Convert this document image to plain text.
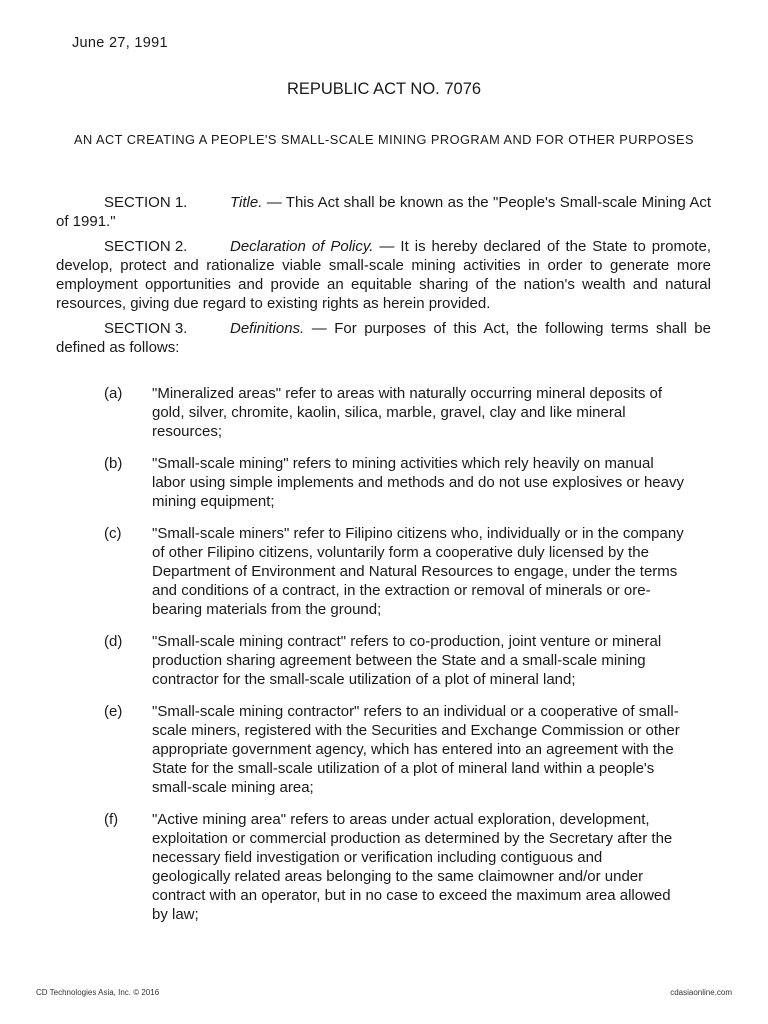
June 27, 1991
REPUBLIC ACT NO. 7076
AN ACT CREATING A PEOPLE'S SMALL-SCALE MINING PROGRAM AND FOR OTHER PURPOSES

SECTION 1.	Title. — This Act shall be known as the "People's Small-scale Mining Act of 1991."

SECTION 2.	Declaration of Policy. — It is hereby declared of the State to promote, develop, protect and rationalize viable small-scale mining activities in order to generate more employment opportunities and provide an equitable sharing of the nation's wealth and natural resources, giving due regard to existing rights as herein provided.

SECTION 3.	Definitions. — For purposes of this Act, the following terms shall be defined as follows:

(a) "Mineralized areas" refer to areas with naturally occurring mineral deposits of gold, silver, chromite, kaolin, silica, marble, gravel, clay and like mineral resources;
(b) "Small-scale mining" refers to mining activities which rely heavily on manual labor using simple implements and methods and do not use explosives or heavy mining equipment;
(c) "Small-scale miners" refer to Filipino citizens who, individually or in the company of other Filipino citizens, voluntarily form a cooperative duly licensed by the Department of Environment and Natural Resources to engage, under the terms and conditions of a contract, in the extraction or removal of minerals or ore-bearing materials from the ground;
(d) "Small-scale mining contract" refers to co-production, joint venture or mineral production sharing agreement between the State and a small-scale mining contractor for the small-scale utilization of a plot of mineral land;
(e) "Small-scale mining contractor" refers to an individual or a cooperative of small-scale miners, registered with the Securities and Exchange Commission or other appropriate government agency, which has entered into an agreement with the State for the small-scale utilization of a plot of mineral land within a people's small-scale mining area;
(f) "Active mining area" refers to areas under actual exploration, development, exploitation or commercial production as determined by the Secretary after the necessary field investigation or verification including contiguous and geologically related areas belonging to the same claimowner and/or under contract with an operator, but in no case to exceed the maximum area allowed by law;
CD Technologies Asia, Inc. © 2016	cdasiaonline.com
